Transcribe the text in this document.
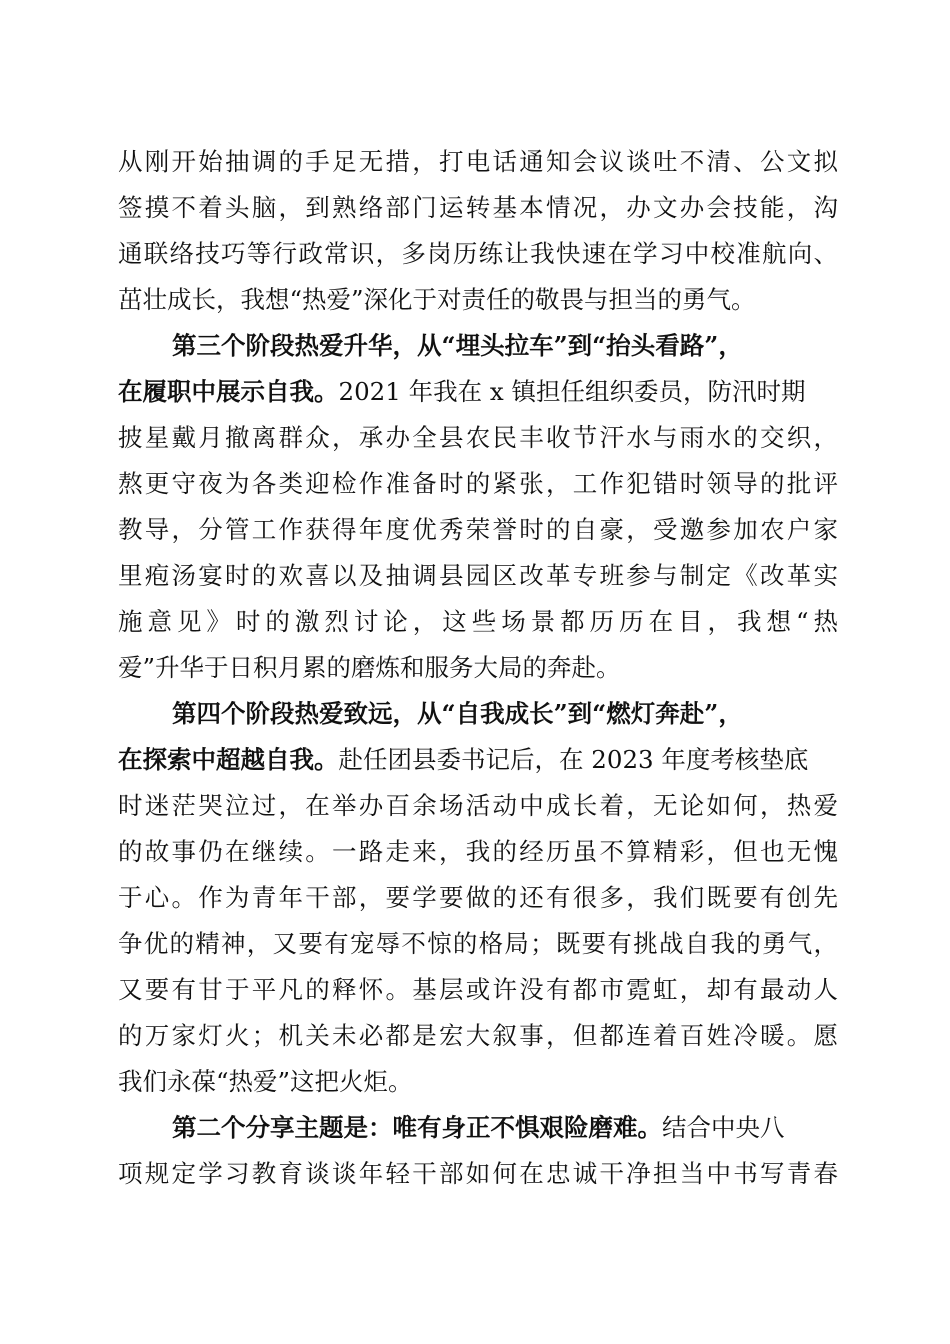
从刚开始抽调的手足无措，打电话通知会议谈吐不清、公文拟
签摸不着头脑，到熟络部门运转基本情况，办文办会技能，沟
通联络技巧等行政常识，多岗历练让我快速在学习中校准航向、
茁壮成长，我想“热爱”深化于对责任的敬畏与担当的勇气。
第三个阶段热爱升华，从“埋头拉车”到“抬头看路”，
在履职中展示自我。2021 年我在 x 镇担任组织委员，防汛时期
披星戴月撤离群众，承办全县农民丰收节汗水与雨水的交织，
熬更守夜为各类迎检作准备时的紧张，工作犯错时领导的批评
教导，分管工作获得年度优秀荣誉时的自豪，受邀参加农户家
里疱汤宴时的欢喜以及抽调县园区改革专班参与制定《改革实
施意见》时的激烈讨论，这些场景都历历在目，我想“热
爱”升华于日积月累的磨炼和服务大局的奔赴。
第四个阶段热爱致远，从“自我成长”到“燃灯奔赴”，
在探索中超越自我。赴任团县委书记后，在 2023 年度考核垫底
时迷茫哭泣过，在举办百余场活动中成长着，无论如何，热爱
的故事仍在继续。一路走来，我的经历虽不算精彩，但也无愧
于心。作为青年干部，要学要做的还有很多，我们既要有创先
争优的精神，又要有宠辱不惊的格局；既要有挑战自我的勇气，
又要有甘于平凡的释怀。基层或许没有都市霓虹，却有最动人
的万家灯火；机关未必都是宏大叙事，但都连着百姓冷暖。愿
我们永葆“热爱”这把火炬。
第二个分享主题是：唯有身正不惧艰险磨难。结合中央八
项规定学习教育谈谈年轻干部如何在忠诚干净担当中书写青春
